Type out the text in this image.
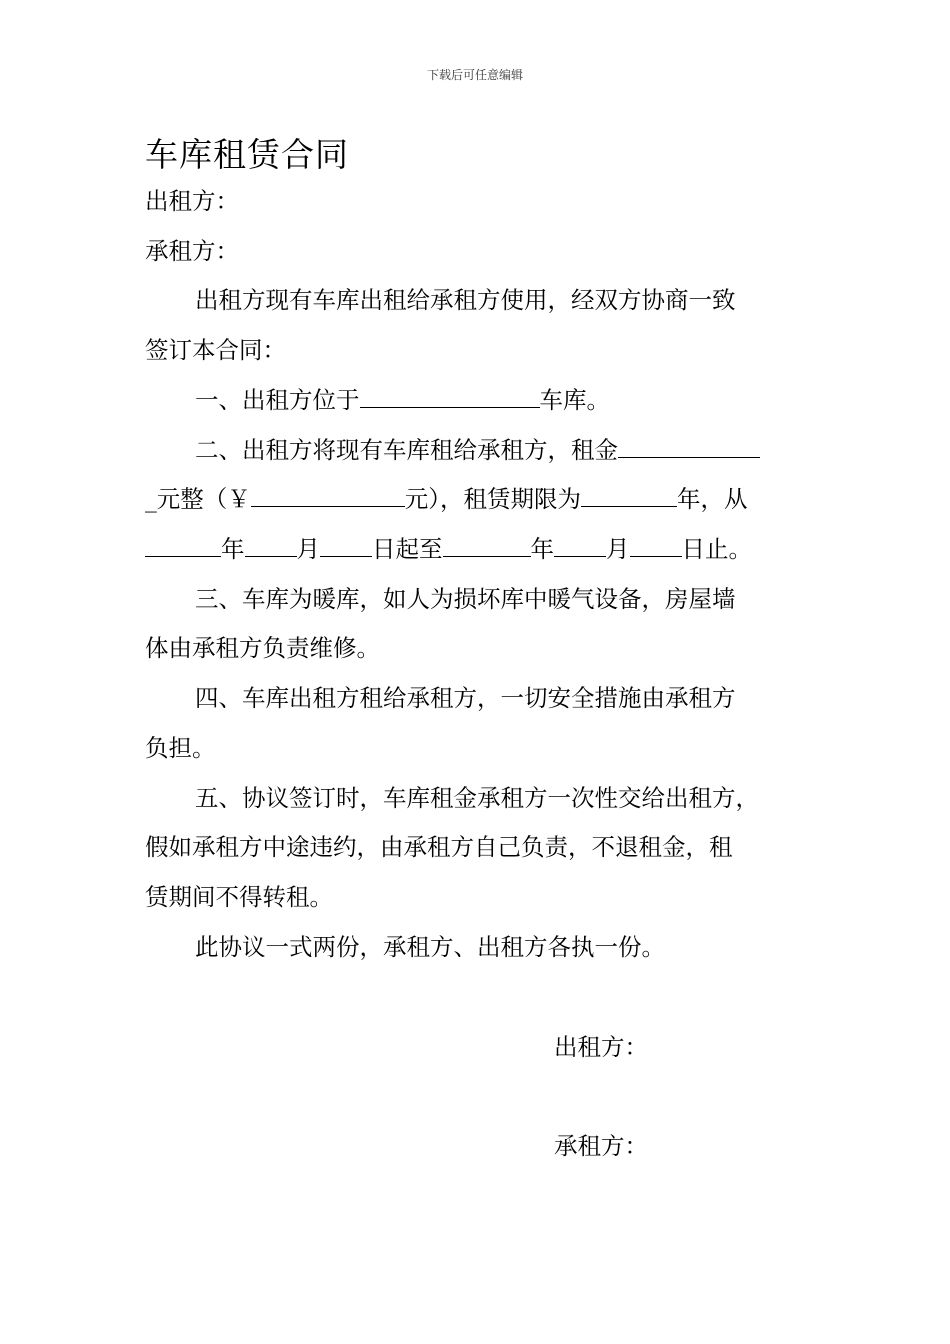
下载后可任意编辑
车库租赁合同
出租方：
承租方：
出租方现有车库出租给承租方使用，经双方协商一致
签订本合同：
一、出租方位于	车库。
二、出租方将现有车库租给承租方，租金
_元整（￥	元），租赁期限为	年，从
年 月 日起至	年 月 日止。
三、车库为暖库，如人为损坏库中暖气设备，房屋墙
体由承租方负责维修。
四、车库出租方租给承租方，一切安全措施由承租方
负担。
五、协议签订时，车库租金承租方一次性交给出租方，
假如承租方中途违约，由承租方自己负责，不退租金，租
赁期间不得转租。
此协议一式两份，承租方、出租方各执一份。
出租方：
承租方：
